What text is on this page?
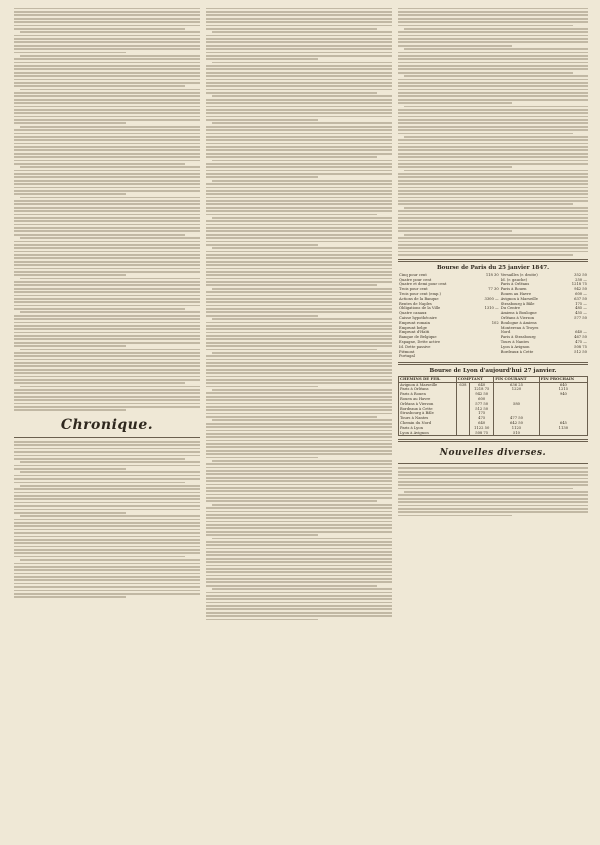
Chronique.
Bourse de Paris du 25 janvier 1847.
Cinq pour cent	118 30	Versailles (r. droite)	352 50
Quatre pour cent		Id. (r. gauche)	250 —
Quatre et demi pour cent		Paris à Orléans	1218 75
Trois pour cent	77 30	Paris à Rouen	942 50
Trois pour cent (emp.)		Rouen au Havre	600 —
Actions de la Banque	3300 —	Avignon à Marseille	637 50
Rentes de Naples		Strasbourg à Bâle	175 —
Obligations de la Ville	1310 —	Du Centre	485 —
Quatre canaux		Amiens à Boulogne	455 —
Caisse hypothécaire		Orléans à Vierzon	577 50
Emprunt romain	102	Boulogne à Amiens	
Emprunt belge		Montereau à Troyes	
Emprunt d'Haïti		Nord	640 —
Banque de Belgique		Paris à Strasbourg	467 50
Espagne, Dette active		Tours à Nantes	475 —
Id. Dette passive		Lyon à Avignon	508 75
Piémont		Bordeaux à Cette	512 50
Portugal			
Bourse de Lyon d'aujourd'hui 27 janvier.
CHEMINS DE FER.	COMPTANT		FIN COURANT	FIN PROCHAIN
Avignon à Marseille	638	640	636 25	640
Paris à Orléans		1218 75	1220	1215
Paris à Rouen		942 50		940
Rouen au Havre		600		
Orléans à Vierzon		577 50	580	
Bordeaux à Cette		512 50		
Strasbourg à Bâle		175		
Tours à Nantes		475	477 50	
Chemin du Nord		640	642 50	645
Paris à Lyon		1122 50	1125	1130
Lyon à Avignon		508 75	510	
Nouvelles diverses.
